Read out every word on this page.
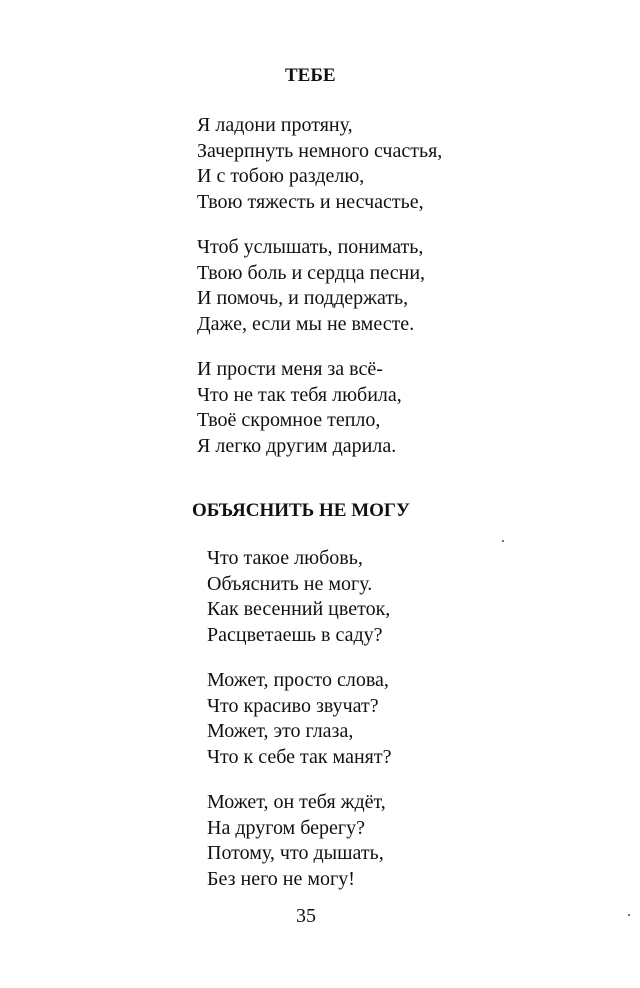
ТЕБЕ

Я ладони протяну,
Зачерпнуть немного счастья,
И с тобою разделю,
Твою тяжесть и несчастье,

Чтоб услышать, понимать,
Твою боль и сердца песни,
И помочь, и поддержать,
Даже, если мы не вместе.

И прости меня за всё-
Что не так тебя любила,
Твоё скромное тепло,
Я легко другим дарила.

ОБЪЯСНИТЬ НЕ МОГУ

Что такое любовь,
Объяснить не могу.
Как весенний цветок,
Расцветаешь в саду?

Может, просто слова,
Что красиво звучат?
Может, это глаза,
Что к себе так манят?

Может, он тебя ждёт,
На другом берегу?
Потому, что дышать,
Без него не могу!

35
